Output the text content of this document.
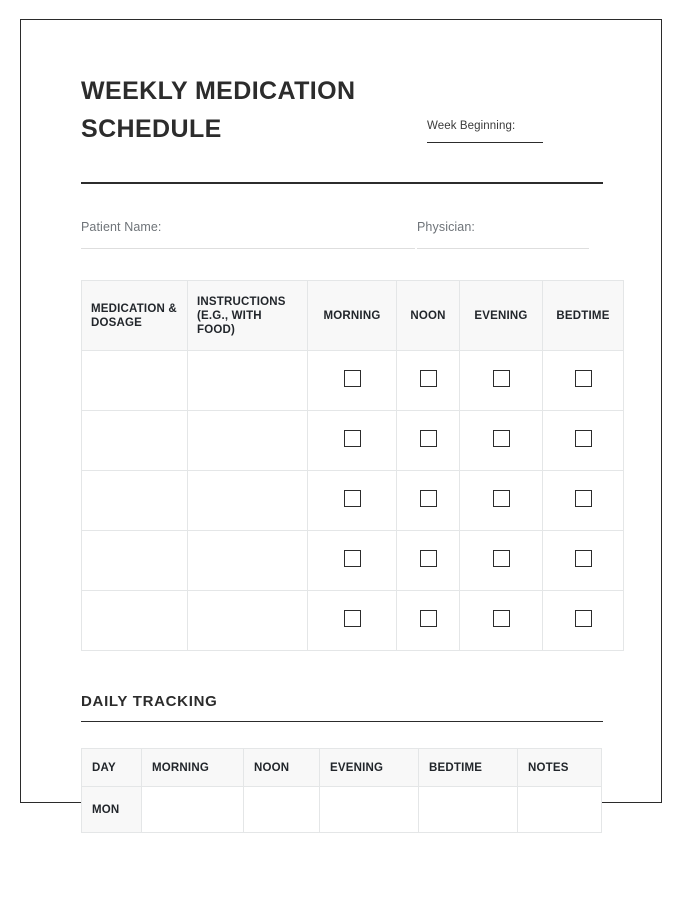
WEEKLY MEDICATION SCHEDULE	Week Beginning:
Patient Name:	Physician:
MEDICATION & DOSAGE	INSTRUCTIONS (E.G., WITH FOOD)	MORNING	NOON	EVENING	BEDTIME

DAILY TRACKING
DAY	MORNING	NOON	EVENING	BEDTIME	NOTES
MON					
